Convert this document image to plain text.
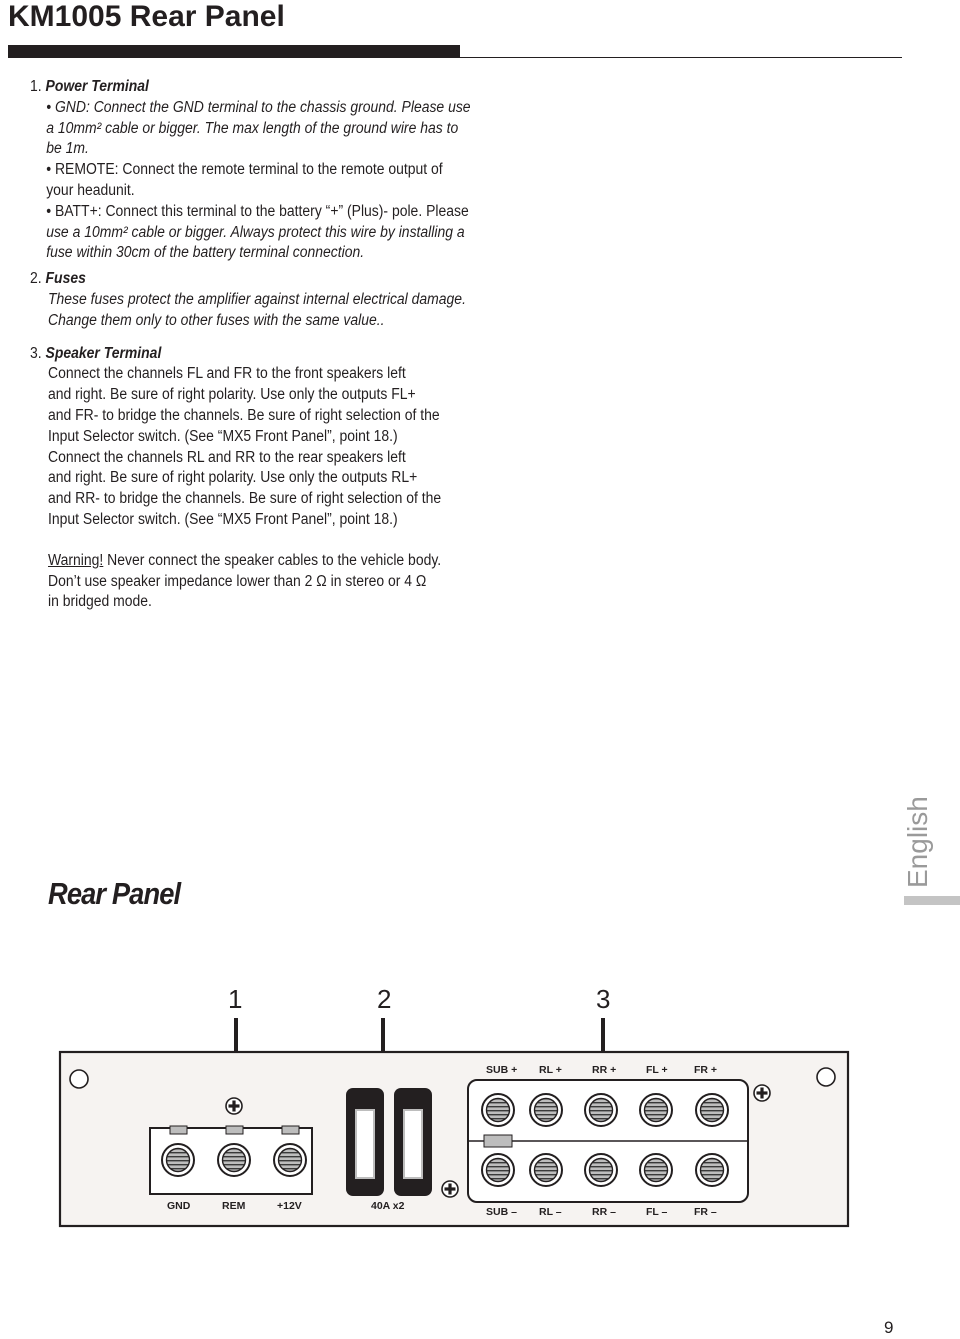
KM1005 Rear Panel

1. Power Terminal

• GND: Connect the GND terminal to the chassis ground. Please use
a 10mm² cable or bigger. The max length of the ground wire has to
be 1m.
• REMOTE: Connect the remote terminal to the remote output of
your headunit.
• BATT+: Connect this terminal to the battery “+” (Plus)- pole. Please
use a 10mm² cable or bigger. Always protect this wire by installing a
fuse within 30cm of the battery terminal connection.

2. Fuses

These fuses protect the amplifier against internal electrical damage.
Change them only to other fuses with the same value..

3. Speaker Terminal

Connect the channels FL and FR to the front speakers left
and right. Be sure of right polarity. Use only the outputs FL+
and FR- to bridge the channels. Be sure of right selection of the
Input Selector switch. (See “MX5 Front Panel”, point 18.)
Connect the channels RL and RR to the rear speakers left
and right. Be sure of right polarity. Use only the outputs RL+
and RR- to bridge the channels. Be sure of right selection of the
Input Selector switch. (See “MX5 Front Panel”, point 18.)
Warning! Never connect the speaker cables to the vehicle body.
Don’t use speaker impedance lower than 2 Ω in stereo or 4 Ω
in bridged mode.
Rear Panel
English
1	2	3
GND	REM	+12V	40A x2
SUB + RL +	RR +	FL +	FR +
SUB – RL –	RR –	FL –	FR –
9
